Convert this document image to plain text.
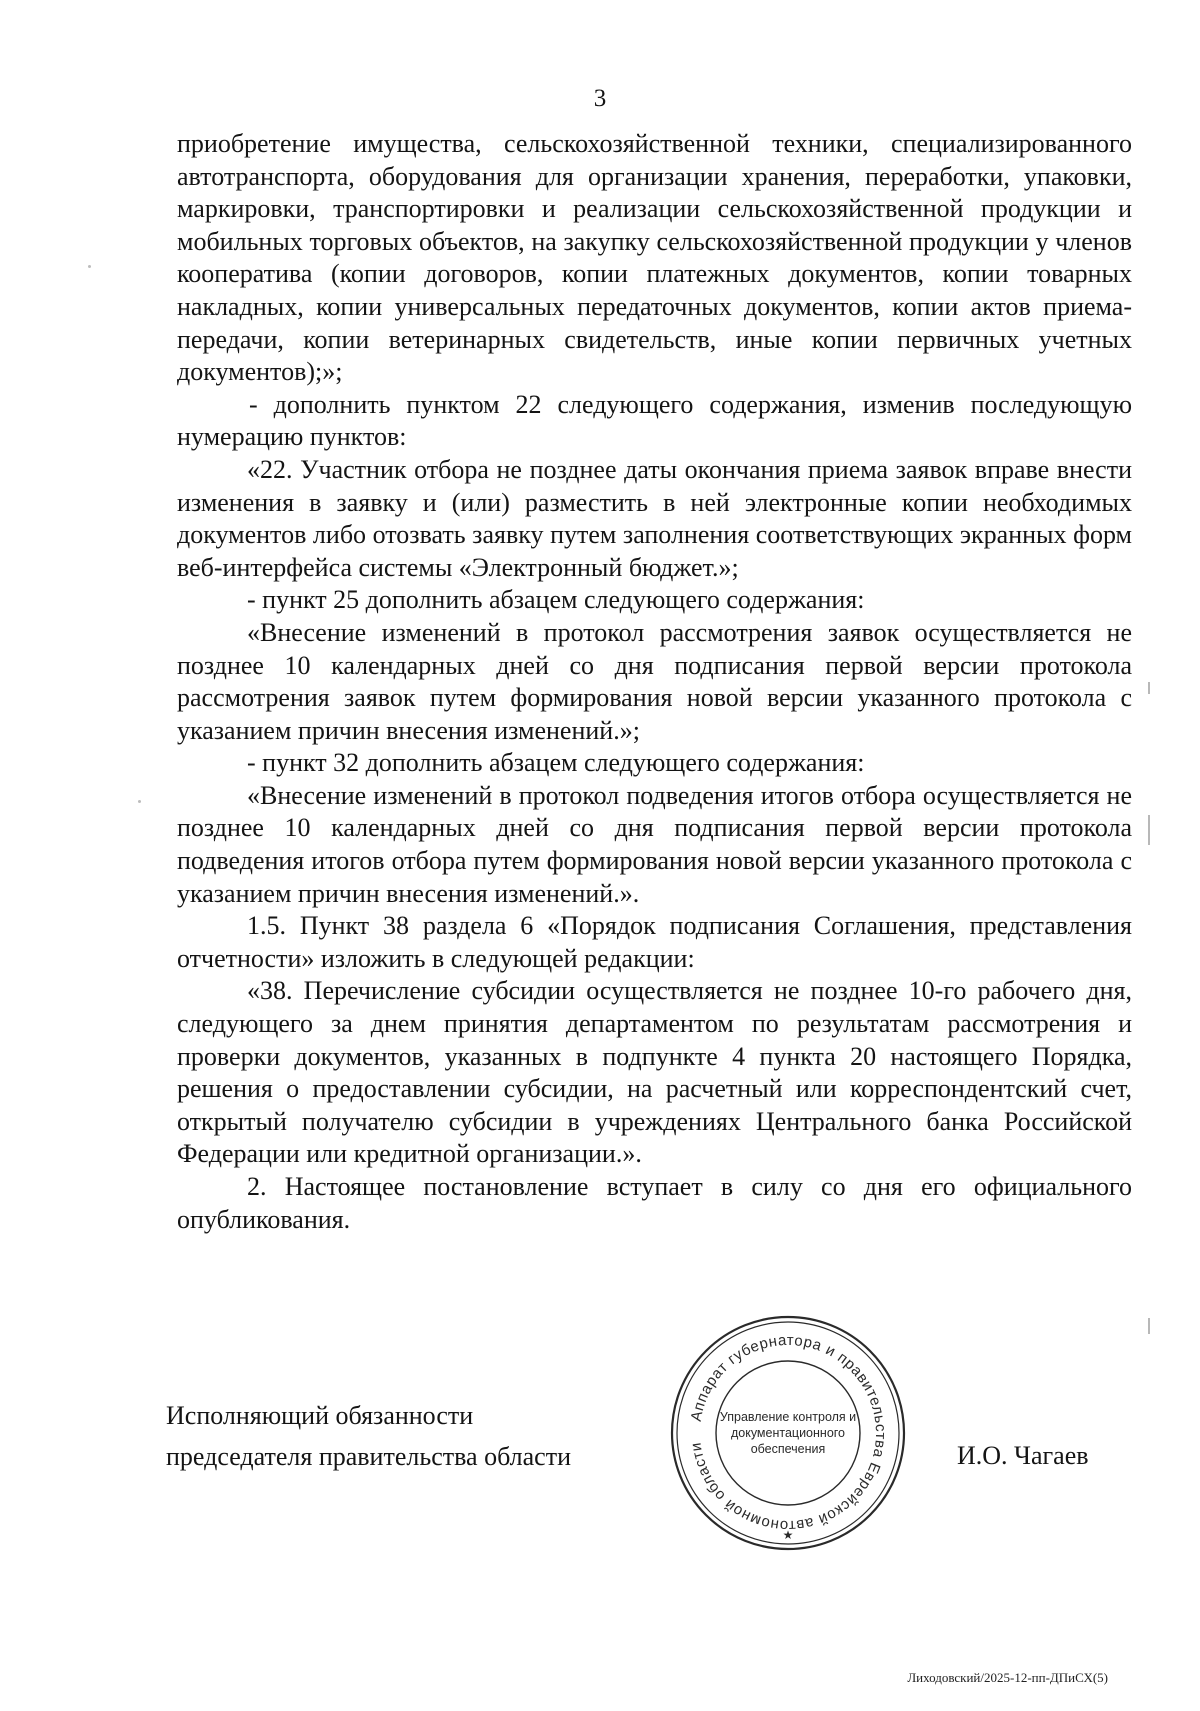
3

приобретение имущества, сельскохозяйственной техники, специализированного автотранспорта, оборудования для организации хранения, переработки, упаковки, маркировки, транспортировки и реализации сельскохозяйственной продукции и мобильных торговых объектов, на закупку сельскохозяйственной продукции у членов кооператива (копии договоров, копии платежных документов, копии товарных накладных, копии универсальных передаточных документов, копии актов приема-передачи, копии ветеринарных свидетельств, иные копии первичных учетных документов);»;

- дополнить пунктом 22 следующего содержания, изменив последующую нумерацию пунктов:

«22. Участник отбора не позднее даты окончания приема заявок вправе внести изменения в заявку и (или) разместить в ней электронные копии необходимых документов либо отозвать заявку путем заполнения соответствующих экранных форм веб-интерфейса системы «Электронный бюджет.»;

- пункт 25 дополнить абзацем следующего содержания:

«Внесение изменений в протокол рассмотрения заявок осуществляется не позднее 10 календарных дней со дня подписания первой версии протокола рассмотрения заявок путем формирования новой версии указанного протокола с указанием причин внесения изменений.»;

- пункт 32 дополнить абзацем следующего содержания:

«Внесение изменений в протокол подведения итогов отбора осуществляется не позднее 10 календарных дней со дня подписания первой версии протокола подведения итогов отбора путем формирования новой версии указанного протокола с указанием причин внесения изменений.».

1.5. Пункт 38 раздела 6 «Порядок подписания Соглашения, представления отчетности» изложить в следующей редакции:

«38. Перечисление субсидии осуществляется не позднее 10-го рабочего дня, следующего за днем принятия департаментом по результатам рассмотрения и проверки документов, указанных в подпункте 4 пункта 20 настоящего Порядка, решения о предоставлении субсидии, на расчетный или корреспондентский счет, открытый получателю субсидии в учреждениях Центрального банка Российской Федерации или кредитной организации.».

2. Настоящее постановление вступает в силу со дня его официального опубликования.

Исполняющий обязанности
председателя правительства области
Аппарат губернатора и правительства Еврейской автономной области
★
Управление контроля и
документационного
обеспечения	И.О. Чагаев
Лиходовский/2025-12-пп-ДПиСХ(5)
